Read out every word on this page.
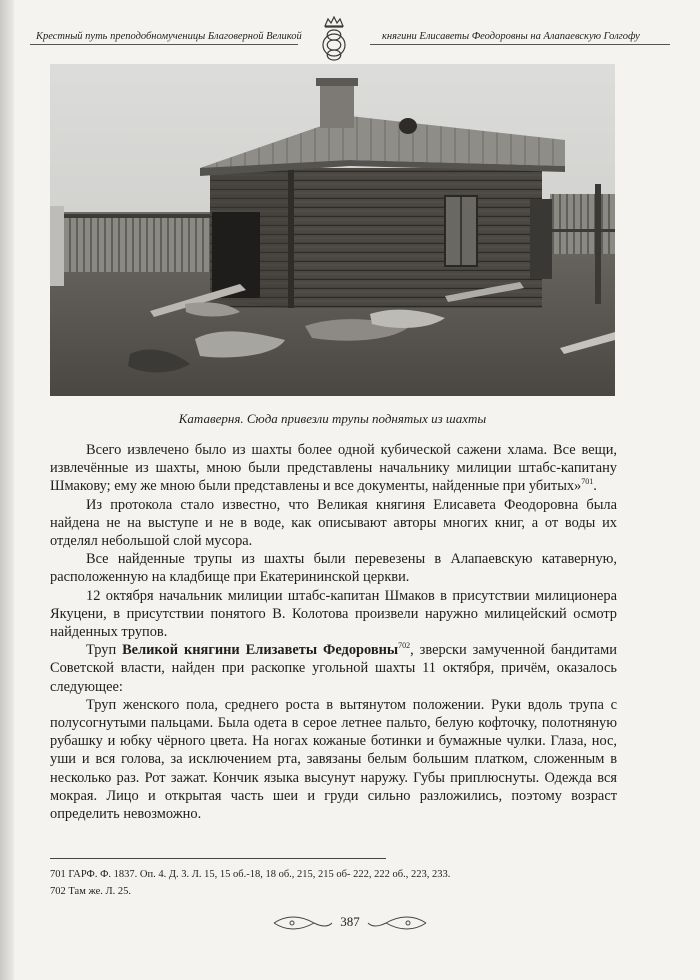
Крестный путь преподобномученицы Благоверной Великой	княгини Елисаветы Феодоровны на Алапаевскую Голгофу
Катаверня. Сюда привезли трупы поднятых из шахты

Всего извлечено было из шахты более одной кубической сажени хлама. Все вещи, извлечённые из шахты, мною были представлены начальнику милиции штабс-капитану Шмакову; ему же мною были представлены и все документы, найденные при убитых»$^{701}$.

Из протокола стало известно, что Великая княгиня Елисавета Феодоровна была найдена не на выступе и не в воде, как описывают авторы многих книг, а от воды их отделял небольшой слой мусора.

Все найденные трупы из шахты были перевезены в Алапаевскую катаверную, расположенную на кладбище при Екатерининской церкви.

12 октября начальник милиции штабс-капитан Шмаков в присутствии милиционера Якуцени, в присутствии понятого В. Колотова произвели наружно милицейский осмотр найденных трупов.

Труп Великой княгини Елизаветы Федоровны$^{702}$, зверски замученной бандитами Советской власти, найден при раскопке угольной шахты 11 октября, причём, оказалось следующее:

Труп женского пола, среднего роста в вытянутом положении. Руки вдоль трупа с полусогнутыми пальцами. Была одета в серое летнее пальто, белую кофточку, полотняную рубашку и юбку чёрного цвета. На ногах кожаные ботинки и бумажные чулки. Глаза, нос, уши и вся голова, за исключением рта, завязаны белым большим платком, сложенным в несколько раз. Рот зажат. Кончик языка высунут наружу. Губы приплюснуты. Одежда вся мокрая. Лицо и открытая часть шеи и груди сильно разложились, поэтому возраст определить невозможно.

701 ГАРФ. Ф. 1837. Оп. 4. Д. 3. Л. 15, 15 об.-18, 18 об., 215, 215 об- 222, 222 об., 223, 233.
702 Там же. Л. 25.
387
